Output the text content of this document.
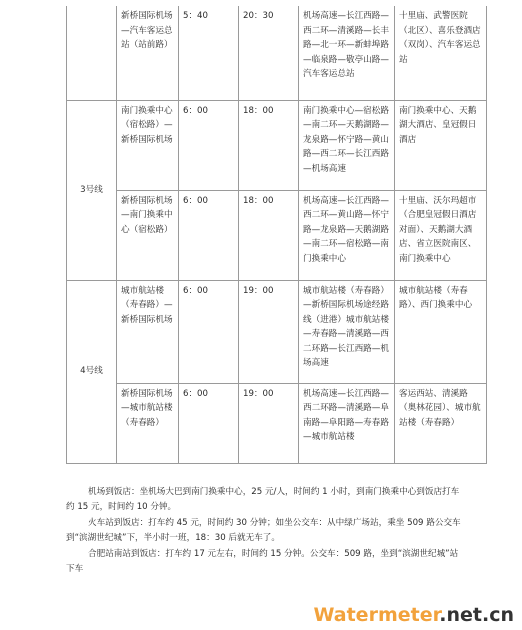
	新桥国际机场—汽车客运总站（站前路）	5：40	20：30	机场高速—长江西路—西二环—清溪路—长丰路—北一环—新蚌埠路—临泉路—敬亭山路—汽车客运总站	十里庙、武警医院（北区）、喜乐登酒店（双岗）、汽车客运总站
3号线	南门换乘中心（宿松路）—新桥国际机场	6：00	18：00	南门换乘中心—宿松路—南二环—天鹅湖路—龙泉路—怀宁路—黄山路—西二环—长江西路—机场高速	南门换乘中心、天鹅湖大酒店、皇冠假日酒店
	新桥国际机场—南门换乘中心（宿松路）	6：00	18：00	机场高速—长江西路—西二环—黄山路—怀宁路—龙泉路—天鹅湖路—南二环—宿松路—南门换乘中心	十里庙、沃尔玛超市（合肥皇冠假日酒店对面）、天鹅湖大酒店、省立医院南区、南门换乘中心
4号线	城市航站楼（寿春路）—新桥国际机场	6：00	19：00	城市航站楼（寿春路）—新桥国际机场途经路线（进港）城市航站楼—寿春路—清溪路—西二环路—长江西路—机场高速	城市航站楼（寿春路）、西门换乘中心
	新桥国际机场—城市航站楼（寿春路）	6：00	19：00	机场高速—长江西路—西二环路—清溪路—阜南路—阜阳路—寿春路—城市航站楼	客运西站、清溪路（奥林花园）、城市航站楼（寿春路）

机场到饭店：坐机场大巴到南门换乘中心，25 元/人，时间约 1 小时，到南门换乘中心到饭店打车约 15 元，时间约 10 分钟。

火车站到饭店：打车约 45 元，时间约 30 分钟；如坐公交车：从中绿广场站，乘坐 509 路公交车到“滨湖世纪城”下，半小时一班，18：30 后就无车了。

合肥站南站到饭店：打车约 17 元左右，时间约 15 分钟。公交车：509 路，坐到“滨湖世纪城”站下车

Watermeter.net.cn
